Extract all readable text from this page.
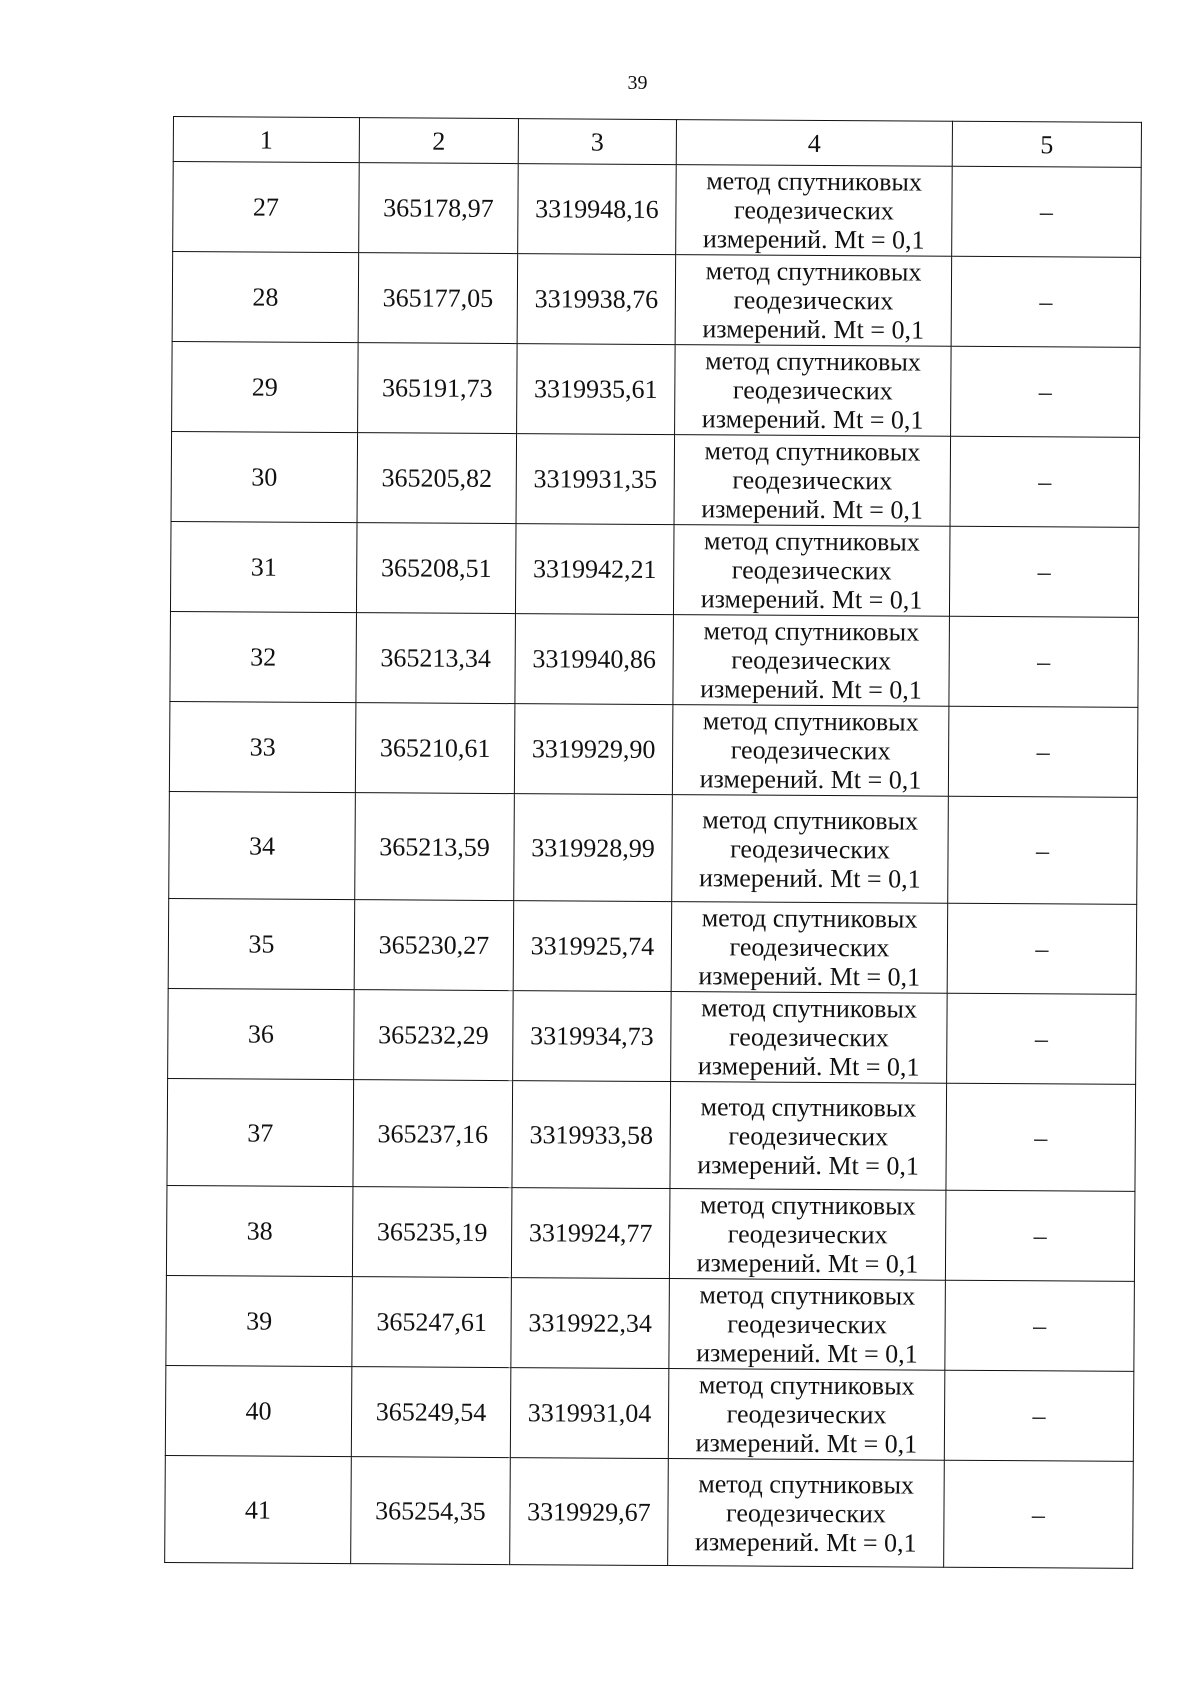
39
1	2	3	4	5
27	365178,97	3319948,16	метод спутниковых
геодезических
измерений. Mt = 0,1	–
28	365177,05	3319938,76	метод спутниковых
геодезических
измерений. Mt = 0,1	–
29	365191,73	3319935,61	метод спутниковых
геодезических
измерений. Mt = 0,1	–
30	365205,82	3319931,35	метод спутниковых
геодезических
измерений. Mt = 0,1	–
31	365208,51	3319942,21	метод спутниковых
геодезических
измерений. Mt = 0,1	–
32	365213,34	3319940,86	метод спутниковых
геодезических
измерений. Mt = 0,1	–
33	365210,61	3319929,90	метод спутниковых
геодезических
измерений. Mt = 0,1	–
34	365213,59	3319928,99	метод спутниковых
геодезических
измерений. Mt = 0,1	–
35	365230,27	3319925,74	метод спутниковых
геодезических
измерений. Mt = 0,1	–
36	365232,29	3319934,73	метод спутниковых
геодезических
измерений. Mt = 0,1	–
37	365237,16	3319933,58	метод спутниковых
геодезических
измерений. Mt = 0,1	–
38	365235,19	3319924,77	метод спутниковых
геодезических
измерений. Mt = 0,1	–
39	365247,61	3319922,34	метод спутниковых
геодезических
измерений. Mt = 0,1	–
40	365249,54	3319931,04	метод спутниковых
геодезических
измерений. Mt = 0,1	–
41	365254,35	3319929,67	метод спутниковых
геодезических
измерений. Mt = 0,1	–
